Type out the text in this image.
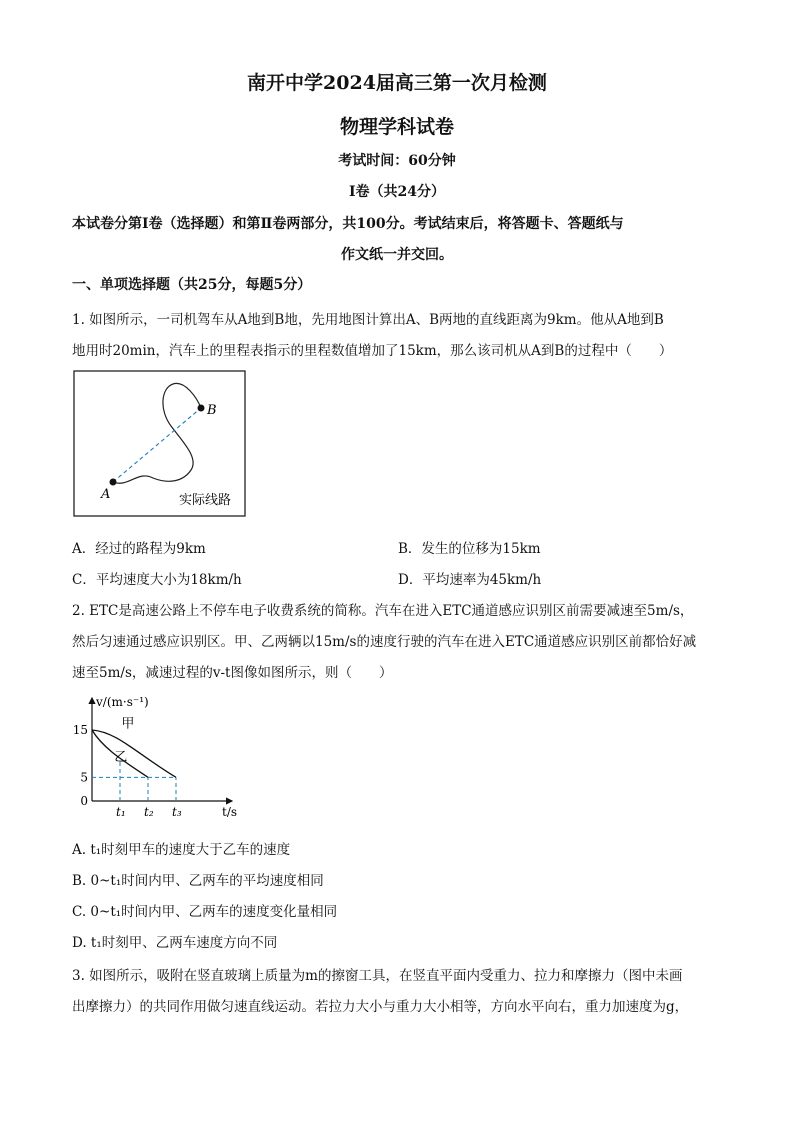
南开中学2024届高三第一次月检测
物理学科试卷
考试时间：60分钟
Ⅰ卷（共24分）
本试卷分第Ⅰ卷（选择题）和第Ⅱ卷两部分，共100分。考试结束后，将答题卡、答题纸与
作文纸一并交回。
一、单项选择题（共25分，每题5分）
1. 如图所示，一司机驾车从A地到B地，先用地图计算出A、B两地的直线距离为9km。他从A地到B
地用时20min，汽车上的里程表指示的里程数值增加了15km，那么该司机从A到B的过程中（　　）
A
B
实际线路
A．经过的路程为9km	B．发生的位移为15km
C．平均速度大小为18km/h	D．平均速率为45km/h
2. ETC是高速公路上不停车电子收费系统的简称。汽车在进入ETC通道感应识别区前需要减速至5m/s，
然后匀速通过感应识别区。甲、乙两辆以15m/s的速度行驶的汽车在进入ETC通道感应识别区前都恰好减
速至5m/s，减速过程的v-t图像如图所示，则（　　）
v/(m·s⁻¹)
t/s
0
5
15
t₁ t₂ t₃
甲
乙
A. t₁时刻甲车的速度大于乙车的速度
B. 0~t₁时间内甲、乙两车的平均速度相同
C. 0~t₁时间内甲、乙两车的速度变化量相同
D. t₁时刻甲、乙两车速度方向不同
3. 如图所示，吸附在竖直玻璃上质量为m的擦窗工具，在竖直平面内受重力、拉力和摩擦力（图中未画
出摩擦力）的共同作用做匀速直线运动。若拉力大小与重力大小相等，方向水平向右，重力加速度为g，
